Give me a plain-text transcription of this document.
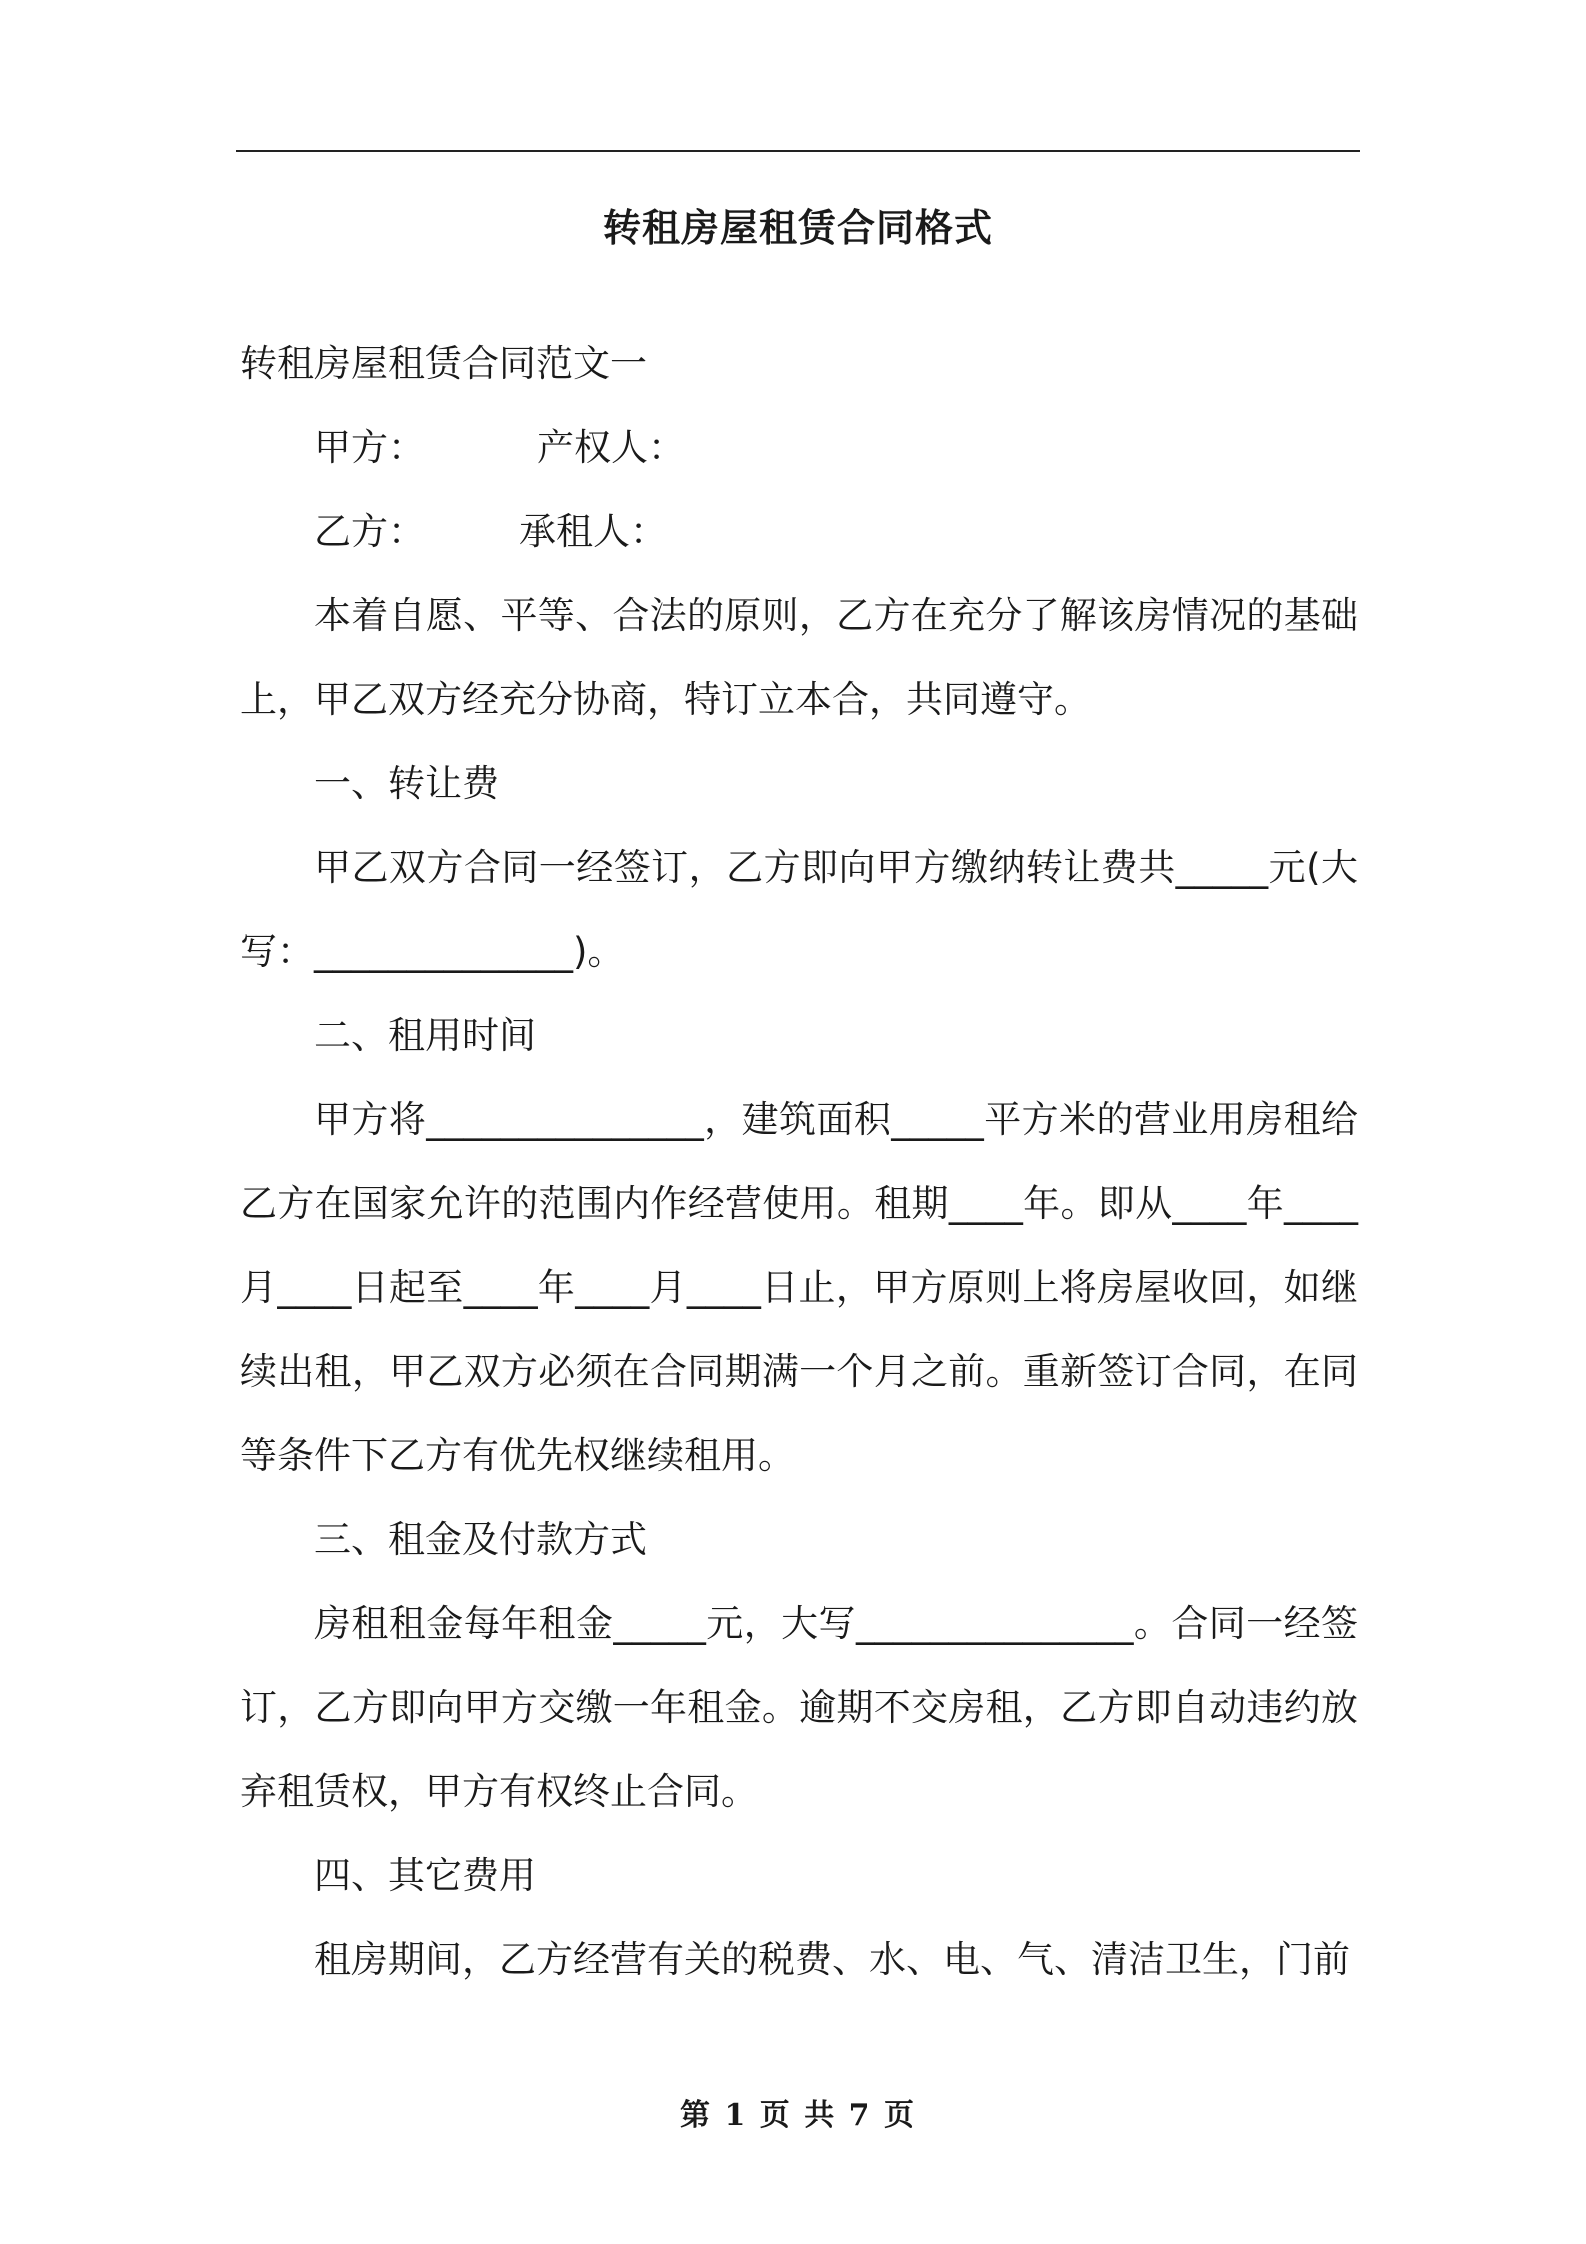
转租房屋租赁合同格式

转租房屋租赁合同范文一

甲方：	产权人：

乙方：	承租人：

本着自愿、平等、合法的原则，乙方在充分了解该房情况的基础上，甲乙双方经充分协商，特订立本合，共同遵守。

一、转让费

甲乙双方合同一经签订，乙方即向甲方缴纳转让费共_____元(大写：______________)。

二、租用时间

甲方将_______________，建筑面积_____平方米的营业用房租给乙方在国家允许的范围内作经营使用。租期____年。即从____年____月____日起至____年____月____日止，甲方原则上将房屋收回，如继续出租，甲乙双方必须在合同期满一个月之前。重新签订合同，在同等条件下乙方有优先权继续租用。

三、租金及付款方式

房租租金每年租金_____元，大写_______________。合同一经签订，乙方即向甲方交缴一年租金。逾期不交房租，乙方即自动违约放弃租赁权，甲方有权终止合同。

四、其它费用

租房期间，乙方经营有关的税费、水、电、气、清洁卫生，门前

第 1 页 共 7 页
